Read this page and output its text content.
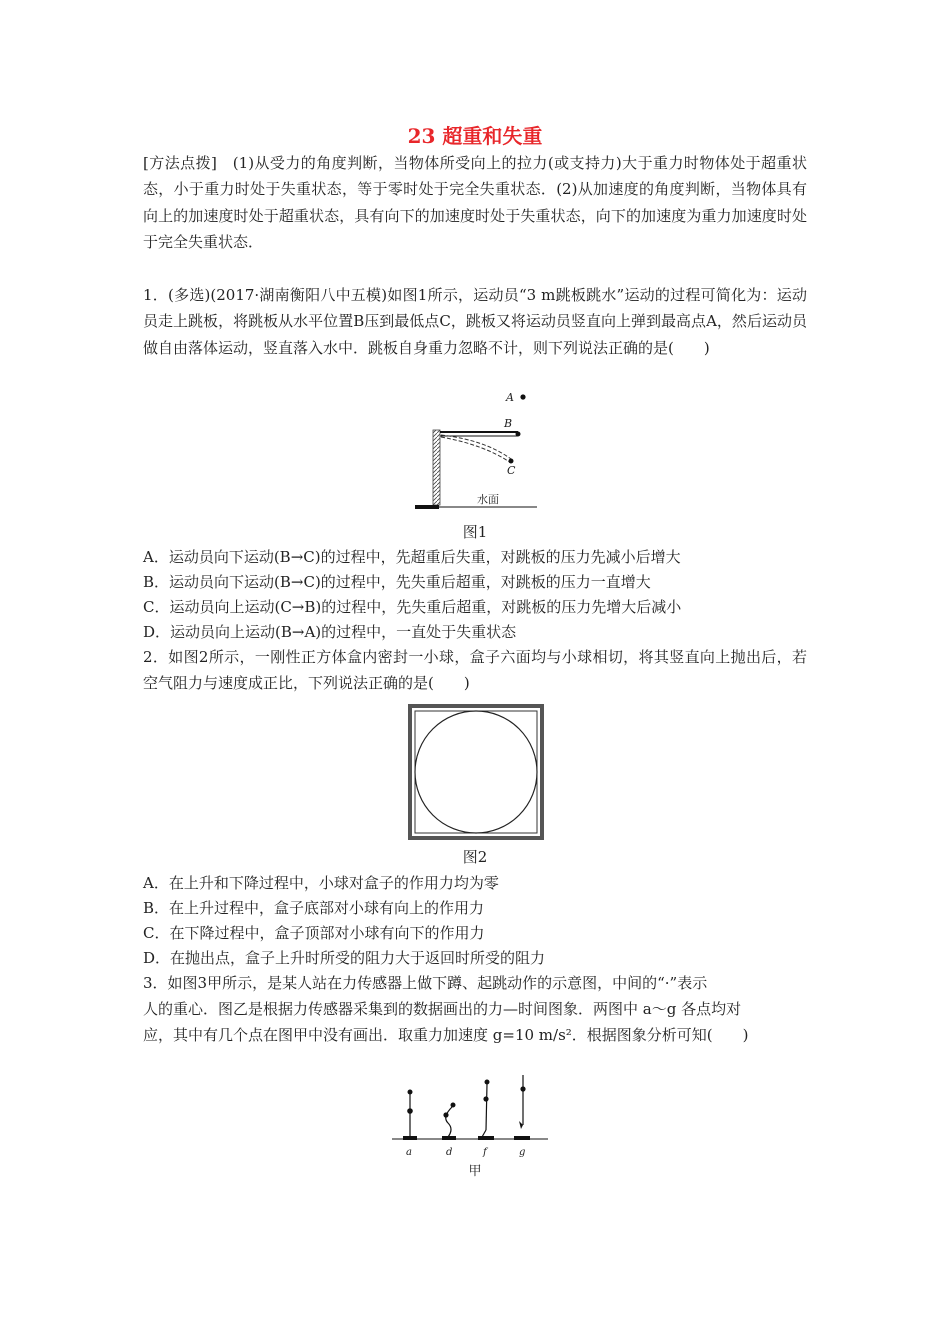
23 超重和失重
[方法点拨]　 (1)从受力的角度判断，当物体所受向上的拉力(或支持力)大于重力时物体处于超重状态，小于重力时处于失重状态，等于零时处于完全失重状态．(2)从加速度的角度判断，当物体具有向上的加速度时处于超重状态，具有向下的加速度时处于失重状态，向下的加速度为重力加速度时处于完全失重状态．
1．(多选)(2017·湖南衡阳八中五模)如图1所示，运动员“3 m跳板跳水”运动的过程可简化为：运动员走上跳板，将跳板从水平位置B压到最低点C，跳板又将运动员竖直向上弹到最高点A，然后运动员做自由落体运动，竖直落入水中．跳板自身重力忽略不计，则下列说法正确的是(　　)
A
B
C
水面
图1
A．运动员向下运动(B→C)的过程中，先超重后失重，对跳板的压力先减小后增大
B．运动员向下运动(B→C)的过程中，先失重后超重，对跳板的压力一直增大
C．运动员向上运动(C→B)的过程中，先失重后超重，对跳板的压力先增大后减小
D．运动员向上运动(B→A)的过程中，一直处于失重状态
2．如图2所示，一刚性正方体盒内密封一小球，盒子六面均与小球相切，将其竖直向上抛出后，若空气阻力与速度成正比，下列说法正确的是(　　)
图2
A．在上升和下降过程中，小球对盒子的作用力均为零
B．在上升过程中，盒子底部对小球有向上的作用力
C．在下降过程中，盒子顶部对小球有向下的作用力
D．在抛出点，盒子上升时所受的阻力大于返回时所受的阻力
3．如图3甲所示，是某人站在力传感器上做下蹲、起跳动作的示意图，中间的“·”表示
人的重心．图乙是根据力传感器采集到的数据画出的力—时间图象．两图中 a～g 各点均对
应，其中有几个点在图甲中没有画出．取重力加速度 g=10 m/s²．根据图象分析可知(　　)
a	d	f	g
甲
